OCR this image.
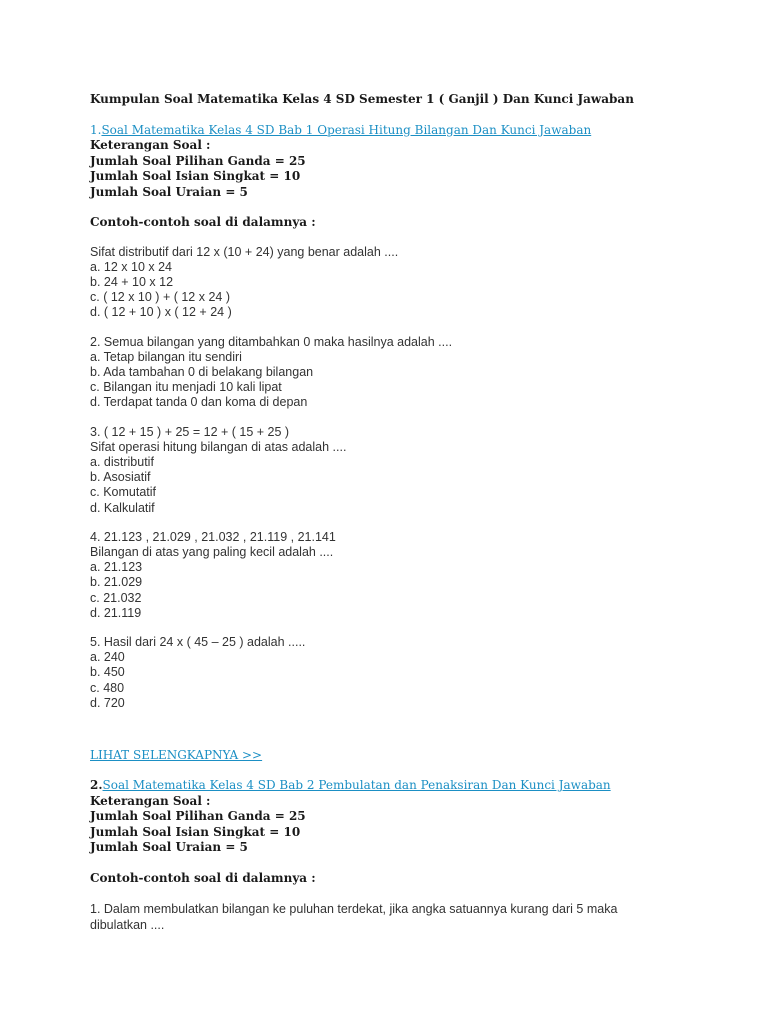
Kumpulan Soal Matematika Kelas 4 SD Semester 1 ( Ganjil ) Dan Kunci Jawaban
1.Soal Matematika Kelas 4 SD Bab 1 Operasi Hitung Bilangan Dan Kunci Jawaban
Keterangan Soal :
Jumlah Soal Pilihan Ganda = 25
Jumlah Soal Isian Singkat = 10
Jumlah Soal Uraian = 5
Contoh-contoh soal di dalamnya :
Sifat distributif dari 12 x (10 + 24) yang benar adalah ....
a. 12 x 10 x 24
b. 24 + 10 x 12
c. ( 12 x 10 ) + ( 12 x 24 )
d. ( 12 + 10 ) x ( 12 + 24 )
2. Semua bilangan yang ditambahkan 0 maka hasilnya adalah ....
a. Tetap bilangan itu sendiri
b. Ada tambahan 0 di belakang bilangan
c. Bilangan itu menjadi 10 kali lipat
d. Terdapat tanda 0 dan koma di depan
3. ( 12 + 15 ) + 25 = 12 + ( 15 + 25 )
Sifat operasi hitung bilangan di atas adalah ....
a. distributif
b. Asosiatif
c. Komutatif
d. Kalkulatif
4. 21.123 , 21.029 , 21.032 , 21.119 , 21.141
Bilangan di atas yang paling kecil adalah ....
a. 21.123
b. 21.029
c. 21.032
d. 21.119
5. Hasil dari 24 x ( 45 – 25 ) adalah .....
a. 240
b. 450
c. 480
d. 720
LIHAT SELENGKAPNYA >>
2.Soal Matematika Kelas 4 SD Bab 2 Pembulatan dan Penaksiran Dan Kunci Jawaban
Keterangan Soal :
Jumlah Soal Pilihan Ganda = 25
Jumlah Soal Isian Singkat = 10
Jumlah Soal Uraian = 5
Contoh-contoh soal di dalamnya :
1. Dalam membulatkan bilangan ke puluhan terdekat, jika angka satuannya kurang dari 5 maka dibulatkan ....
